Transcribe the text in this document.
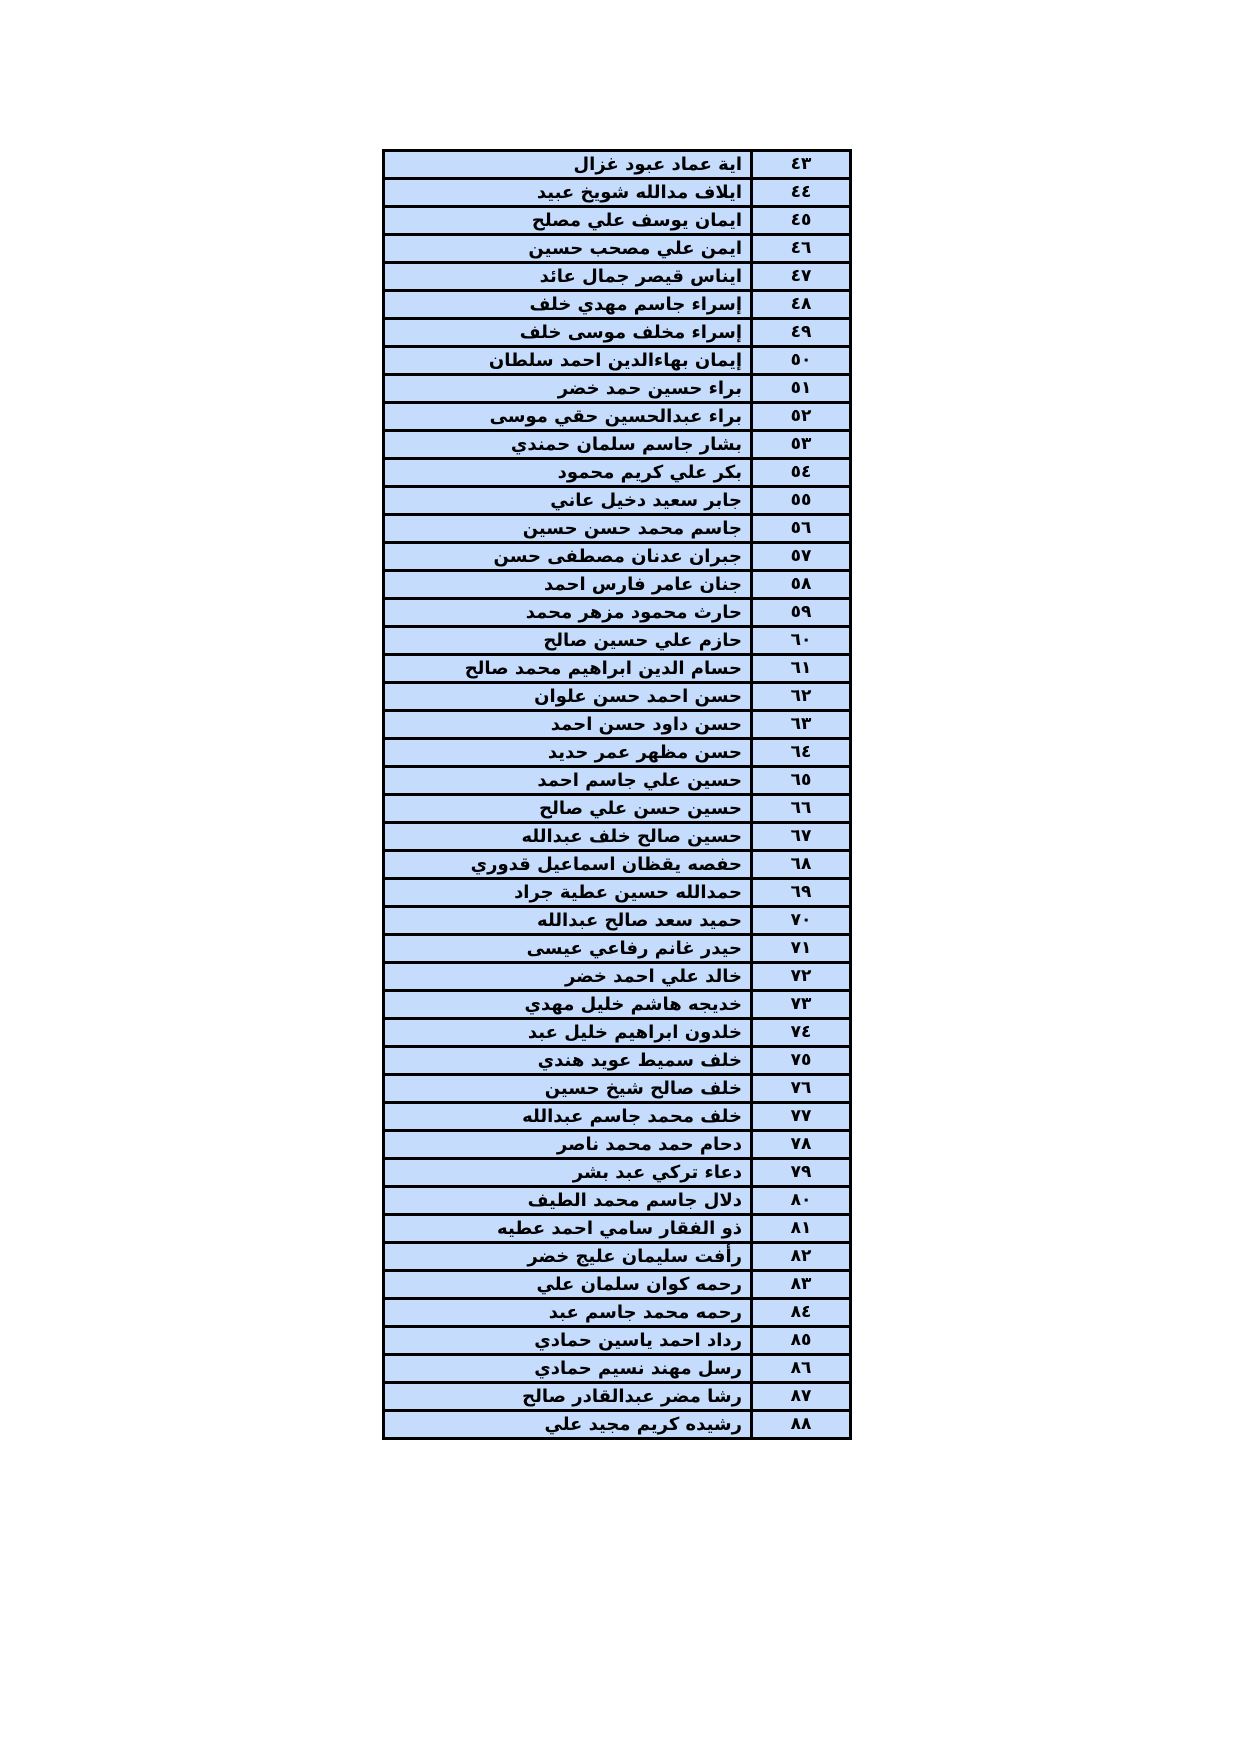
٤٣	اية عماد عبود غزال
٤٤	ايلاف مدالله شويخ عبيد
٤٥	ايمان يوسف علي مصلح
٤٦	ايمن علي مصحب حسين
٤٧	ايناس قيصر جمال عائد
٤٨	إسراء جاسم مهدي خلف
٤٩	إسراء مخلف موسى خلف
٥٠	إيمان بهاءالدين احمد سلطان
٥١	براء حسين حمد خضر
٥٢	براء عبدالحسين حقي موسى
٥٣	بشار جاسم سلمان حمندي
٥٤	بكر علي كريم محمود
٥٥	جابر سعيد دخيل عاني
٥٦	جاسم محمد حسن حسين
٥٧	جبران عدنان مصطفى حسن
٥٨	جنان عامر فارس احمد
٥٩	حارث محمود مزهر محمد
٦٠	حازم علي حسين صالح
٦١	حسام الدين ابراهيم محمد صالح
٦٢	حسن احمد حسن علوان
٦٣	حسن داود حسن احمد
٦٤	حسن مظهر عمر حديد
٦٥	حسين علي جاسم احمد
٦٦	حسين حسن علي صالح
٦٧	حسين صالح خلف عبدالله
٦٨	حفصه يقظان اسماعيل قدوري
٦٩	حمدالله حسين عطية جراد
٧٠	حميد سعد صالح عبدالله
٧١	حيدر غانم رفاعي عيسى
٧٢	خالد علي احمد خضر
٧٣	خديجه هاشم خليل مهدي
٧٤	خلدون ابراهيم خليل عبد
٧٥	خلف سميط عويد هندي
٧٦	خلف صالح شيخ حسين
٧٧	خلف محمد جاسم عبدالله
٧٨	دحام حمد محمد ناصر
٧٩	دعاء تركي عبد بشر
٨٠	دلال جاسم محمد الطيف
٨١	ذو الفقار سامي احمد عطيه
٨٢	رأفت سليمان عليج خضر
٨٣	رحمه كوان سلمان علي
٨٤	رحمه محمد جاسم عبد
٨٥	رداد احمد ياسين حمادي
٨٦	رسل مهند نسيم حمادي
٨٧	رشا مضر عبدالقادر صالح
٨٨	رشيده كريم مجيد علي
